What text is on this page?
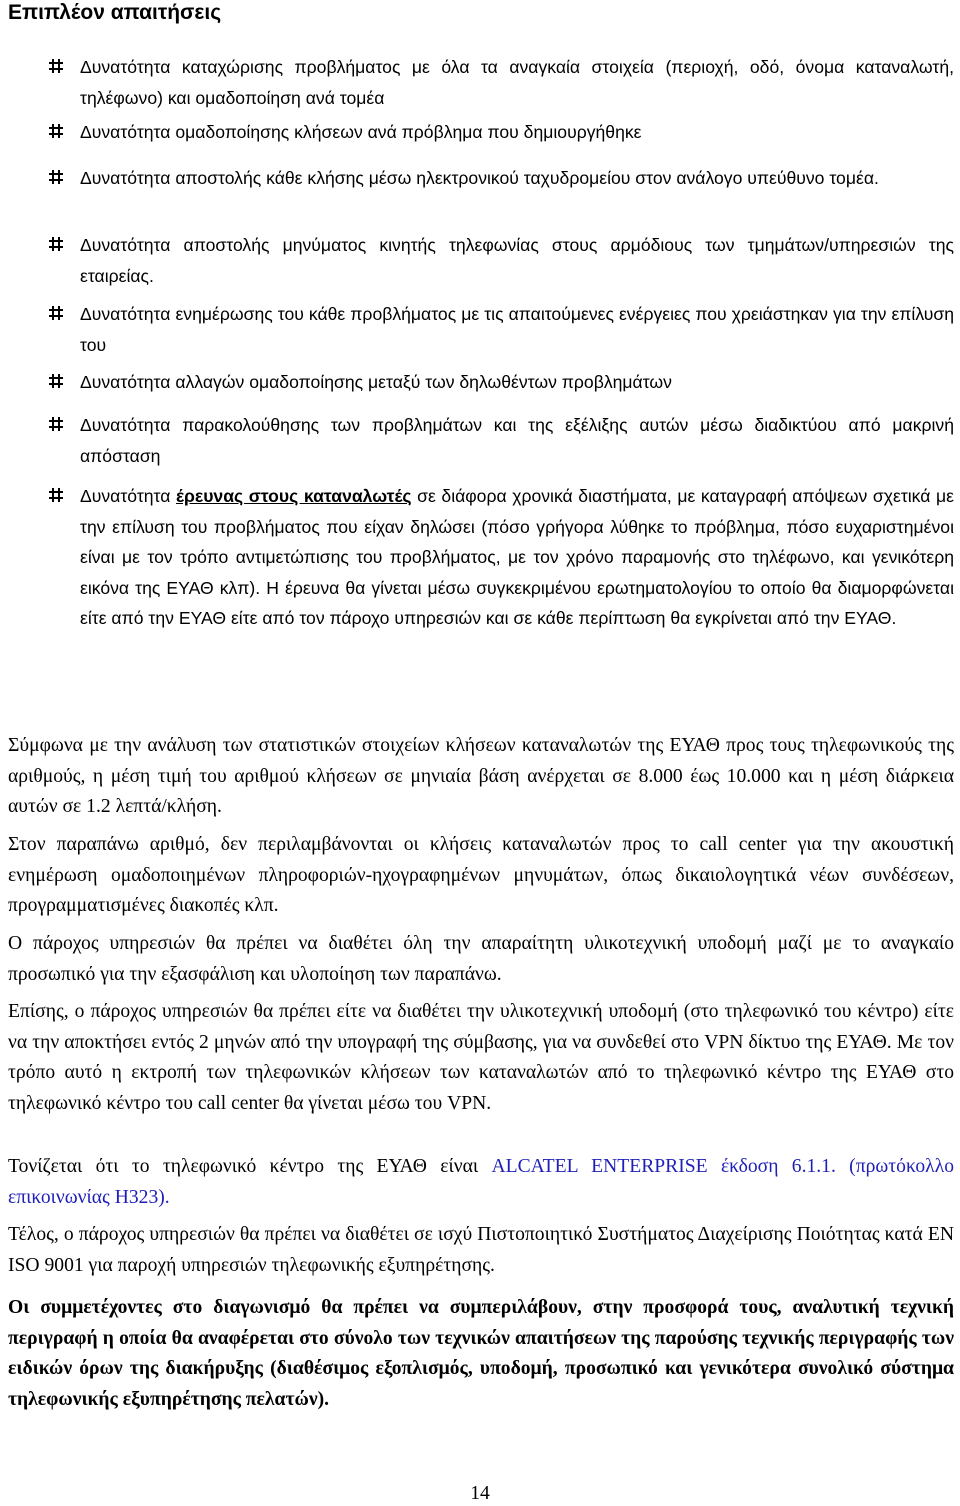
Επιπλέον απαιτήσεις
Δυνατότητα καταχώρισης προβλήματος με όλα τα αναγκαία στοιχεία (περιοχή, οδό, όνομα καταναλωτή, τηλέφωνο) και ομαδοποίηση ανά τομέα
Δυνατότητα ομαδοποίησης κλήσεων ανά πρόβλημα που δημιουργήθηκε
Δυνατότητα αποστολής κάθε κλήσης μέσω ηλεκτρονικού ταχυδρομείου στον ανάλογο υπεύθυνο τομέα.
Δυνατότητα αποστολής μηνύματος κινητής τηλεφωνίας στους αρμόδιους των τμημάτων/υπηρεσιών της εταιρείας.
Δυνατότητα ενημέρωσης του κάθε προβλήματος με τις απαιτούμενες ενέργειες που χρειάστηκαν για την επίλυση του
Δυνατότητα αλλαγών ομαδοποίησης μεταξύ των δηλωθέντων προβλημάτων
Δυνατότητα παρακολούθησης των προβλημάτων και της εξέλιξης αυτών μέσω διαδικτύου από μακρινή απόσταση
Δυνατότητα έρευνας στους καταναλωτές σε διάφορα χρονικά διαστήματα, με καταγραφή απόψεων σχετικά με την επίλυση του προβλήματος που είχαν δηλώσει (πόσο γρήγορα λύθηκε το πρόβλημα, πόσο ευχαριστημένοι είναι με τον τρόπο αντιμετώπισης του προβλήματος, με τον χρόνο παραμονής στο τηλέφωνο, και γενικότερη εικόνα της ΕΥΑΘ κλπ). Η έρευνα θα γίνεται μέσω συγκεκριμένου ερωτηματολογίου το οποίο θα διαμορφώνεται είτε από την ΕΥΑΘ είτε από τον πάροχο υπηρεσιών και σε κάθε περίπτωση θα εγκρίνεται από την ΕΥΑΘ.
Σύμφωνα με την ανάλυση των στατιστικών στοιχείων κλήσεων καταναλωτών της ΕΥΑΘ προς τους τηλεφωνικούς της αριθμούς, η μέση τιμή του αριθμού κλήσεων σε μηνιαία βάση ανέρχεται σε 8.000 έως 10.000 και η μέση διάρκεια αυτών σε 1.2 λεπτά/κλήση.
Στον παραπάνω αριθμό, δεν περιλαμβάνονται οι κλήσεις καταναλωτών προς το call center για την ακουστική ενημέρωση ομαδοποιημένων πληροφοριών-ηχογραφημένων μηνυμάτων, όπως δικαιολογητικά νέων συνδέσεων, προγραμματισμένες διακοπές κλπ.
Ο πάροχος υπηρεσιών θα πρέπει να διαθέτει όλη την απαραίτητη υλικοτεχνική υποδομή μαζί με το αναγκαίο προσωπικό για την εξασφάλιση και υλοποίηση των παραπάνω.
Επίσης, ο πάροχος υπηρεσιών θα πρέπει είτε να διαθέτει την υλικοτεχνική υποδομή (στο τηλεφωνικό του κέντρο) είτε να την αποκτήσει εντός 2 μηνών από την υπογραφή της σύμβασης, για να συνδεθεί στο VPN δίκτυο της ΕΥΑΘ. Με τον τρόπο αυτό η εκτροπή των τηλεφωνικών κλήσεων των καταναλωτών από το τηλεφωνικό κέντρο της ΕΥΑΘ στο τηλεφωνικό κέντρο του call center θα γίνεται μέσω του VPN.
Τονίζεται ότι το τηλεφωνικό κέντρο της ΕΥΑΘ είναι ALCATEL ENTERPRISE έκδοση 6.1.1. (πρωτόκολλο επικοινωνίας Η323).
Τέλος, ο πάροχος υπηρεσιών θα πρέπει να διαθέτει σε ισχύ Πιστοποιητικό Συστήματος Διαχείρισης Ποιότητας κατά ΕΝ ISO 9001 για παροχή υπηρεσιών τηλεφωνικής εξυπηρέτησης.
Οι συμμετέχοντες στο διαγωνισμό θα πρέπει να συμπεριλάβουν, στην προσφορά τους, αναλυτική τεχνική περιγραφή η οποία θα αναφέρεται στο σύνολο των τεχνικών απαιτήσεων της παρούσης τεχνικής περιγραφής των ειδικών όρων της διακήρυξης (διαθέσιμος εξοπλισμός, υποδομή, προσωπικό και γενικότερα συνολικό σύστημα τηλεφωνικής εξυπηρέτησης πελατών).
14
